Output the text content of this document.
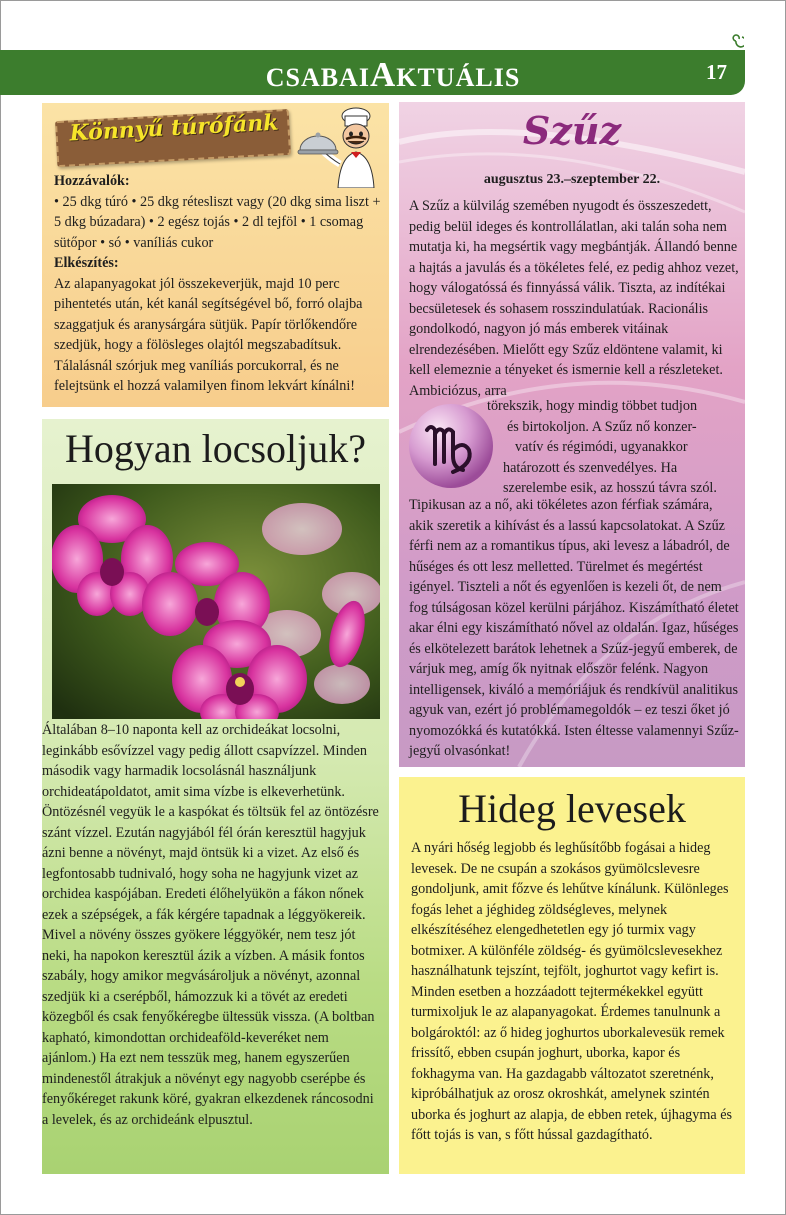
CSABAIAKTUÁLIS	17
Könnyű túrófánk
Hozzávalók:
• 25 dkg túró • 25 dkg rétesliszt vagy (20 dkg sima liszt + 5 dkg búzadara) • 2 egész tojás • 2 dl tejföl • 1 csomag sütőpor • só • vaníliás cukor
Elkészítés:
Az alapanyagokat jól összekeverjük, majd 10 perc pihentetés után, két kanál segítségével bő, forró olajba szaggatjuk és aranysárgára sütjük. Papír törlőkendőre szedjük, hogy a fölösleges olajtól megszabadítsuk. Tálalásnál szórjuk meg vaníliás porcukorral, és ne felejtsünk el hozzá valamilyen finom lekvárt kínálni!
Szűz
augusztus 23.–szeptember 22.
A Szűz a külvilág szemében nyugodt és összeszedett, pedig belül ideges és kontrollálatlan, aki talán soha nem mutatja ki, ha megsértik vagy megbántják. Állandó benne a hajtás a javulás és a tökéletes felé, ez pedig ahhoz vezet, hogy válogatóssá és finnyássá válik. Tiszta, az indítékai becsületesek és sohasem rosszindulatúak. Racionális gondolkodó, nagyon jó más emberek vitáinak elrendezésében. Mielőtt egy Szűz eldöntene valamit, ki kell elemeznie a tényeket és ismernie kell a részleteket. Ambiciózus, arra
törekszik, hogy mindig többet tudjon
és birtokoljon. A Szűz nő konzer-
vatív és régimódi, ugyanakkor
határozott és szenvedélyes. Ha
szerelembe esik, az hosszú távra szól.
Tipikusan az a nő, aki tökéletes azon férfiak számára, akik szeretik a kihívást és a lassú kapcsolatokat. A Szűz férfi nem az a romantikus típus, aki levesz a lábadról, de hűséges és ott lesz melletted. Türelmet és megértést igényel. Tiszteli a nőt és egyenlően is kezeli őt, de nem fog túlságosan közel kerülni párjához. Kiszámítható életet akar élni egy kiszámítható nővel az oldalán. Igaz, hűséges és elkötelezett barátok lehetnek a Szűz-jegyű emberek, de várjuk meg, amíg ők nyitnak először felénk. Nagyon intelligensek, kiváló a memóriájuk és rendkívül analitikus agyuk van, ezért jó problémamegoldók – ez teszi őket jó nyomozókká és kutatókká. Isten éltesse valamennyi Szűz-jegyű olvasónkat!
Hogyan locsoljuk?
Általában 8–10 naponta kell az orchideákat locsolni, leginkább esővízzel vagy pedig állott csapvízzel. Minden második vagy harmadik locsolásnál használjunk orchideatápoldatot, amit sima vízbe is elkeverhetünk. Öntözésnél vegyük le a kaspókat és töltsük fel az öntözésre szánt vízzel. Ezután nagyjából fél órán keresztül hagyjuk ázni benne a növényt, majd öntsük ki a vizet. Az első és legfontosabb tudnivaló, hogy soha ne hagyjunk vizet az orchidea kaspójában. Eredeti élőhelyükön a fákon nőnek ezek a szépségek, a fák kérgére tapadnak a léggyökereik. Mivel a növény összes gyökere léggyökér, nem tesz jót neki, ha napokon keresztül ázik a vízben. A másik fontos szabály, hogy amikor megvásároljuk a növényt, azonnal szedjük ki a cserépből, hámozzuk ki a tövét az eredeti közegből és csak fenyőkéregbe ültessük vissza. (A boltban kapható, kimondottan orchideaföld-keveréket nem ajánlom.) Ha ezt nem tesszük meg, hanem egyszerűen mindenestől átrakjuk a növényt egy nagyobb cserépbe és fenyőkéreget rakunk köré, gyakran elkezdenek ráncosodni a levelek, és az orchideánk elpusztul.
Hideg levesek
A nyári hőség legjobb és leghűsítőbb fogásai a hideg levesek. De ne csupán a szokásos gyümölcslevesre gondoljunk, amit főzve és lehűtve kínálunk. Különleges fogás lehet a jéghideg zöldségleves, melynek elkészítéséhez elengedhetetlen egy jó turmix vagy botmixer. A különféle zöldség- és gyümölcslevesekhez használhatunk tejszínt, tejfölt, joghurtot vagy kefirt is. Minden esetben a hozzáadott tejtermékekkel együtt turmixoljuk le az alapanyagokat. Érdemes tanulnunk a bolgároktól: az ő hideg joghurtos uborkalevesük remek frissítő, ebben csupán joghurt, uborka, kapor és fokhagyma van. Ha gazdagabb változatot szeretnénk, kipróbálhatjuk az orosz okroshkát, amelynek szintén uborka és joghurt az alapja, de ebben retek, újhagyma és főtt tojás is van, s főtt hússal gazdagítható.
